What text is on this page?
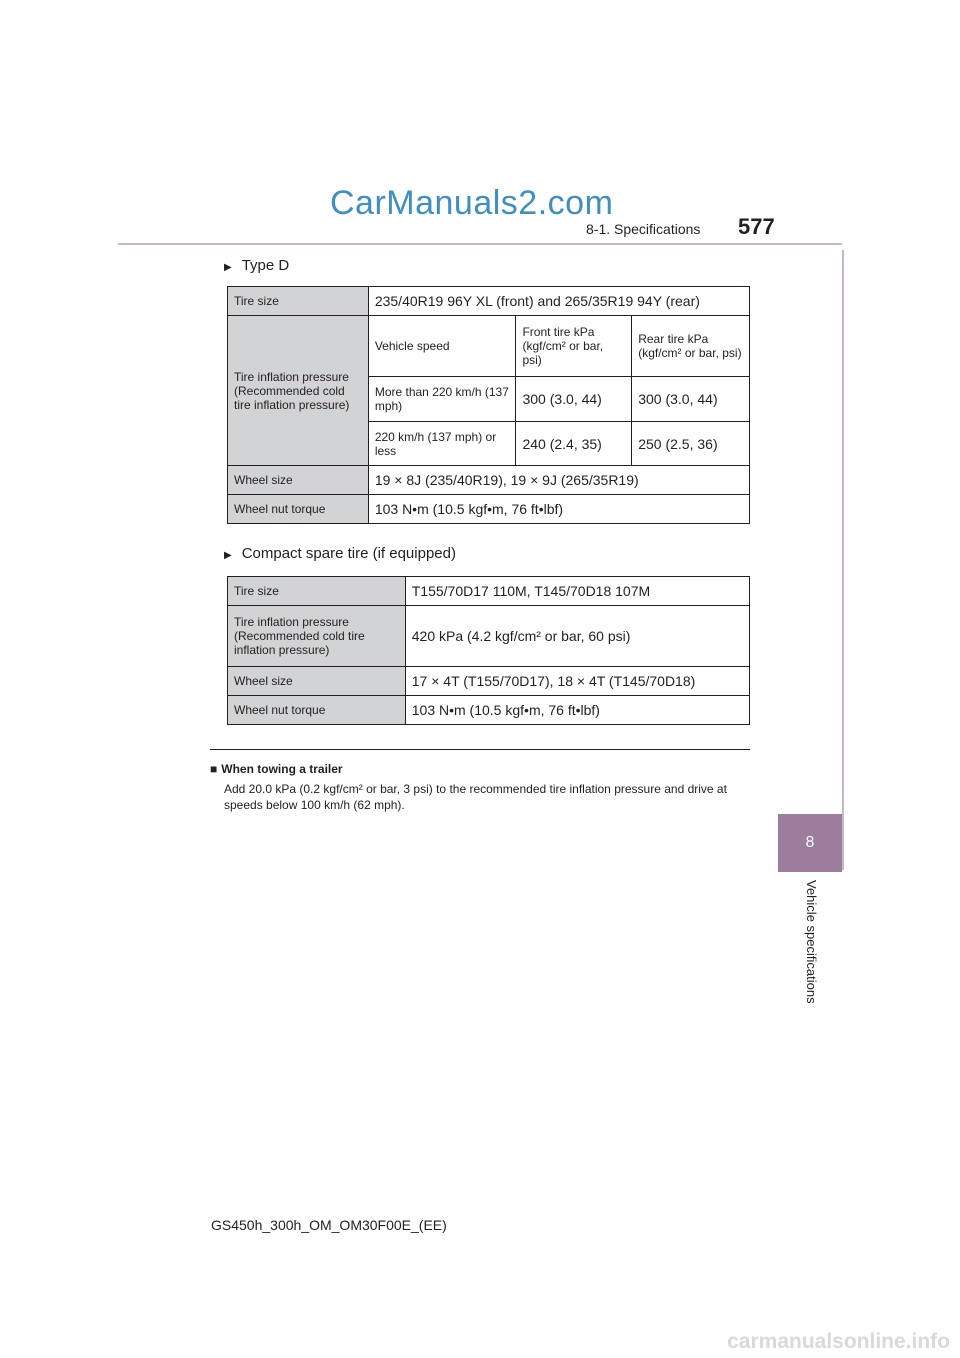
CarManuals2.com
8-1. Specifications 577
8
Vehicle specifications
▶ Type D
Tire size	235/40R19 96Y XL (front) and 265/35R19 94Y (rear)		
Tire inflation pressure (Recommended cold tire inflation pressure)	Vehicle speed	Front tire kPa (kgf/cm² or bar, psi)	Rear tire kPa (kgf/cm² or bar, psi)
	More than 220 km/h (137 mph)	300 (3.0, 44)	300 (3.0, 44)
	220 km/h (137 mph) or less	240 (2.4, 35)	250 (2.5, 36)
Wheel size	19 × 8J (235/40R19), 19 × 9J (265/35R19)		
Wheel nut torque	103 N•m (10.5 kgf•m, 76 ft•lbf)		
▶ Compact spare tire (if equipped)
Tire size	T155/70D17 110M, T145/70D18 107M
Tire inflation pressure (Recommended cold tire inflation pressure)	420 kPa (4.2 kgf/cm² or bar, 60 psi)
Wheel size	17 × 4T (T155/70D17), 18 × 4T (T145/70D18)
Wheel nut torque	103 N•m (10.5 kgf•m, 76 ft•lbf)
■ When towing a trailer
Add 20.0 kPa (0.2 kgf/cm² or bar, 3 psi) to the recommended tire inflation pressure and drive at speeds below 100 km/h (62 mph).
GS450h_300h_OM_OM30F00E_(EE)
carmanualsonline.info
